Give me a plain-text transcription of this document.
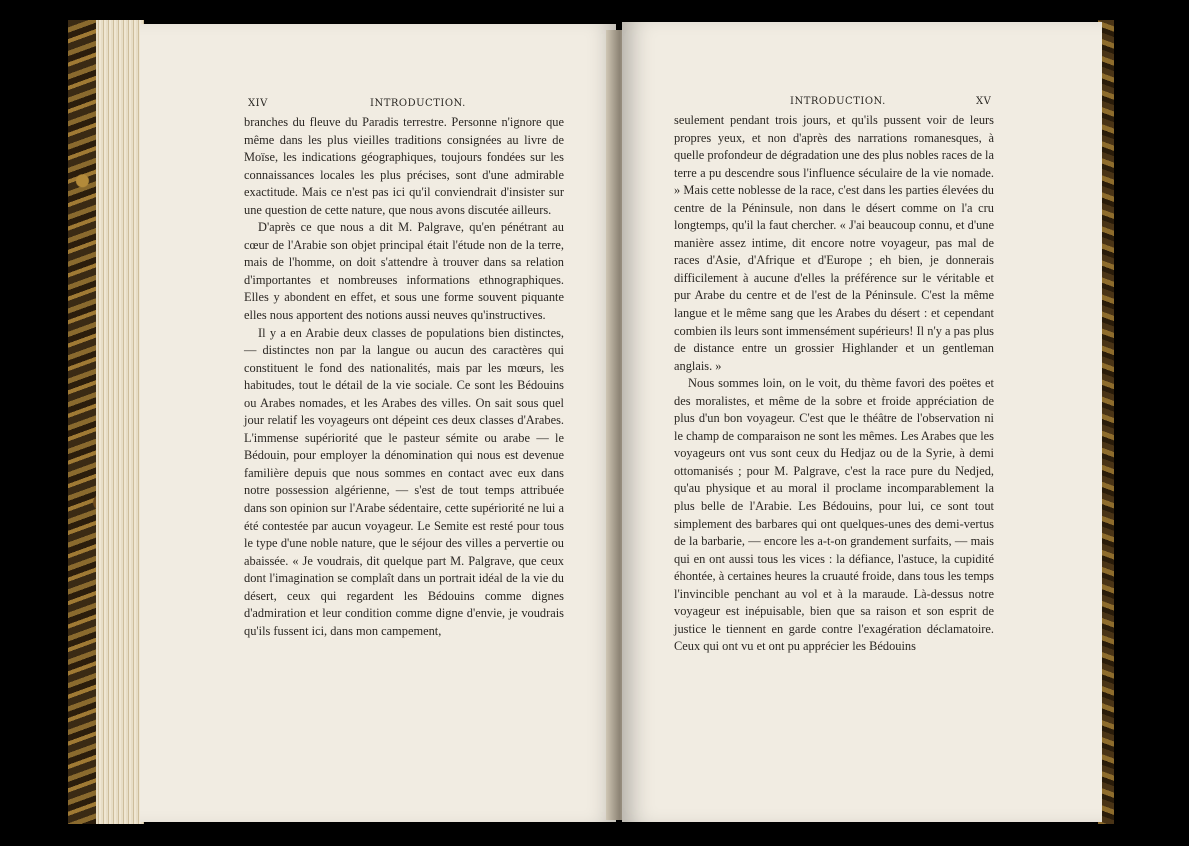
XIV	INTRODUCTION.

branches du fleuve du Paradis terrestre. Personne n'ignore que même dans les plus vieilles traditions consignées au livre de Moïse, les indications géographiques, toujours fondées sur les connaissances locales les plus précises, sont d'une admirable exactitude. Mais ce n'est pas ici qu'il conviendrait d'insister sur une question de cette nature, que nous avons discutée ailleurs.

D'après ce que nous a dit M. Palgrave, qu'en pénétrant au cœur de l'Arabie son objet principal était l'étude non de la terre, mais de l'homme, on doit s'attendre à trouver dans sa relation d'importantes et nombreuses informations ethnographiques. Elles y abondent en effet, et sous une forme souvent piquante elles nous apportent des notions aussi neuves qu'instructives.

Il y a en Arabie deux classes de populations bien distinctes, — distinctes non par la langue ou aucun des caractères qui constituent le fond des nationalités, mais par les mœurs, les habitudes, tout le détail de la vie sociale. Ce sont les Bédouins ou Arabes nomades, et les Arabes des villes. On sait sous quel jour relatif les voyageurs ont dépeint ces deux classes d'Arabes. L'immense supériorité que le pasteur sémite ou arabe — le Bédouin, pour employer la dénomination qui nous est devenue familière depuis que nous sommes en contact avec eux dans notre possession algérienne, — s'est de tout temps attribuée dans son opinion sur l'Arabe sédentaire, cette supériorité ne lui a été contestée par aucun voyageur. Le Semite est resté pour tous le type d'une noble nature, que le séjour des villes a pervertie ou abaissée. « Je voudrais, dit quelque part M. Palgrave, que ceux dont l'imagination se complaît dans un portrait idéal de la vie du désert, ceux qui regardent les Bédouins comme dignes d'admiration et leur condition comme digne d'envie, je voudrais qu'ils fussent ici, dans mon campement,

INTRODUCTION.	XV

seulement pendant trois jours, et qu'ils pussent voir de leurs propres yeux, et non d'après des narrations romanesques, à quelle profondeur de dégradation une des plus nobles races de la terre a pu descendre sous l'influence séculaire de la vie nomade. » Mais cette noblesse de la race, c'est dans les parties élevées du centre de la Péninsule, non dans le désert comme on l'a cru longtemps, qu'il la faut chercher. « J'ai beaucoup connu, et d'une manière assez intime, dit encore notre voyageur, pas mal de races d'Asie, d'Afrique et d'Europe ; eh bien, je donnerais difficilement à aucune d'elles la préférence sur le véritable et pur Arabe du centre et de l'est de la Péninsule. C'est la même langue et le même sang que les Arabes du désert : et cependant combien ils leurs sont immensément supérieurs! Il n'y a pas plus de distance entre un grossier Highlander et un gentleman anglais. »

Nous sommes loin, on le voit, du thème favori des poëtes et des moralistes, et même de la sobre et froide appréciation de plus d'un bon voyageur. C'est que le théâtre de l'observation ni le champ de comparaison ne sont les mêmes. Les Arabes que les voyageurs ont vus sont ceux du Hedjaz ou de la Syrie, à demi ottomanisés ; pour M. Palgrave, c'est la race pure du Nedjed, qu'au physique et au moral il proclame incomparablement la plus belle de l'Arabie. Les Bédouins, pour lui, ce sont tout simplement des barbares qui ont quelques-unes des demi-vertus de la barbarie, — encore les a-t-on grandement surfaits, — mais qui en ont aussi tous les vices : la défiance, l'astuce, la cupidité éhontée, à certaines heures la cruauté froide, dans tous les temps l'invincible penchant au vol et à la maraude. Là-dessus notre voyageur est inépuisable, bien que sa raison et son esprit de justice le tiennent en garde contre l'exagération déclamatoire. Ceux qui ont vu et ont pu apprécier les Bédouins
